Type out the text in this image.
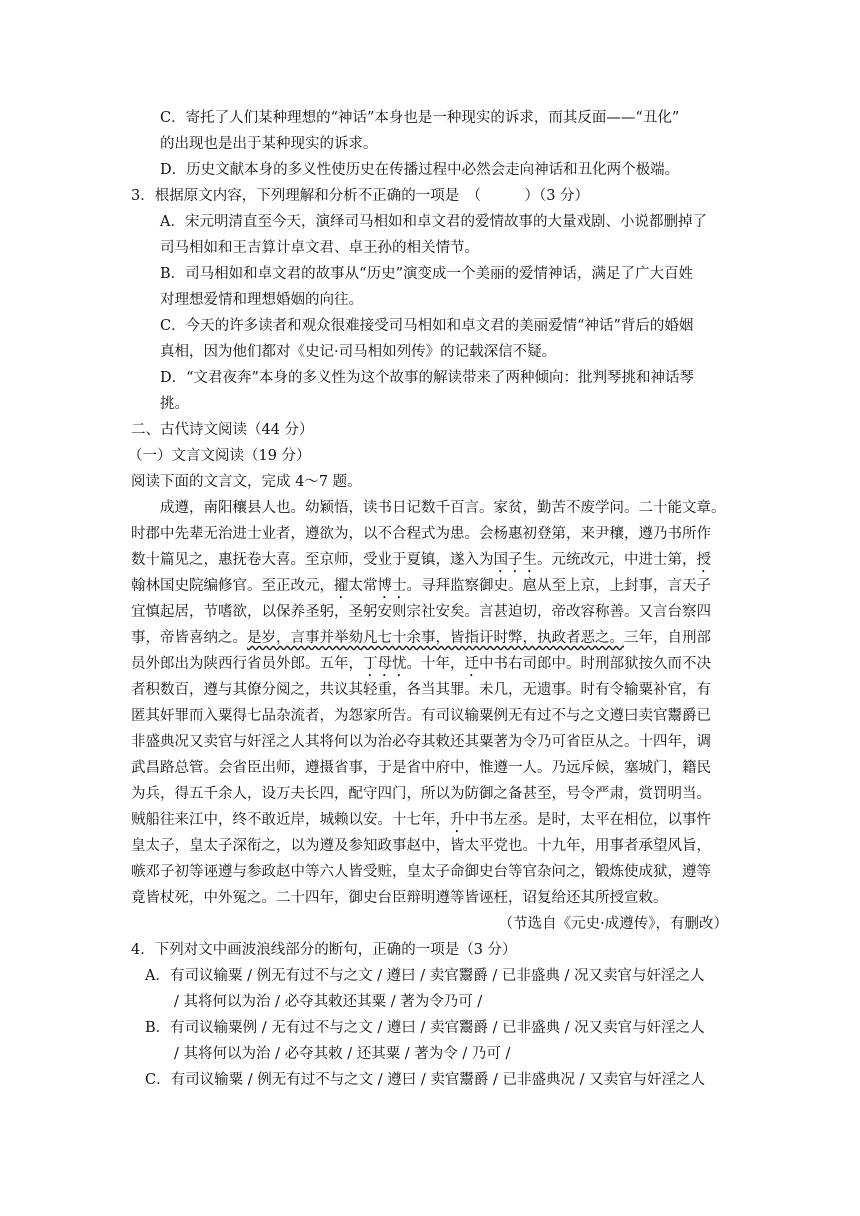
C．寄托了人们某种理想的“神话”本身也是一种现实的诉求，而其反面——“丑化”
的出现也是出于某种现实的诉求。
D．历史文献本身的多义性使历史在传播过程中必然会走向神话和丑化两个极端。
3．根据原文内容，下列理解和分析不正确的一项是　（　　　）（3 分）
A．宋元明清直至今天，演绎司马相如和卓文君的爱情故事的大量戏剧、小说都删掉了
司马相如和王吉算计卓文君、卓王孙的相关情节。
B．司马相如和卓文君的故事从“历史”演变成一个美丽的爱情神话，满足了广大百姓
对理想爱情和理想婚姻的向往。
C．今天的许多读者和观众很难接受司马相如和卓文君的美丽爱情“神话”背后的婚姻
真相，因为他们都对《史记·司马相如列传》的记载深信不疑。
D．“文君夜奔”本身的多义性为这个故事的解读带来了两种倾向：批判琴挑和神话琴
挑。
二、古代诗文阅读（44 分）
（一）文言文阅读（19 分）
阅读下面的文言文，完成 4～7 题。
成遵，南阳穰县人也。幼颖悟，读书日记数千百言。家贫，勤苦不废学问。二十能文章。
时郡中先辈无治进士业者，遵欲为，以不合程式为患。会杨惠初登第，来尹穰，遵乃书所作
数十篇见之，惠抚卷大喜。至京师，受业于夏镇，遂入为国子生。元统改元，中进士第，授
翰林国史院编修官。至正改元，擢太常博士。寻拜监察御史。扈从至上京，上封事，言天子
宜慎起居，节嗜欲，以保养圣躬，圣躬安则宗社安矣。言甚迫切，帝改容称善。又言台察四
事，帝皆喜纳之。是岁，言事并举劾凡七十余事，皆指讦时弊，执政者恶之。三年，自刑部
员外郎出为陕西行省员外郎。五年，丁母忧。十年，迁中书右司郎中。时刑部狱按久而不决
者积数百，遵与其僚分阅之，共议其轻重，各当其罪。未几，无遗事。时有令输粟补官，有
匿其奸罪而入粟得七品杂流者，为怨家所告。有司议输粟例无有过不与之文遵曰卖官鬻爵已
非盛典况又卖官与奸淫之人其将何以为治必夺其敕还其粟著为令乃可省臣从之。十四年，调
武昌路总管。会省臣出师，遵摄省事，于是省中府中，惟遵一人。乃远斥候，塞城门，籍民
为兵，得五千余人，设万夫长四，配守四门，所以为防御之备甚至，号令严肃，赏罚明当。
贼船往来江中，终不敢近岸，城赖以安。十七年，升中书左丞。是时，太平在相位，以事忤
皇太子，皇太子深衔之，以为遵及参知政事赵中，皆太平党也。十九年，用事者承望风旨，
嗾邓子初等诬遵与参政赵中等六人皆受赃，皇太子命御史台等官杂问之，锻炼使成狱，遵等
竟皆杖死，中外冤之。二十四年，御史台臣辩明遵等皆诬枉，诏复给还其所授宣敕。
（节选自《元史·成遵传》，有删改）
4．下列对文中画波浪线部分的断句，正确的一项是（3 分）
A．有司议输粟 / 例无有过不与之文 / 遵曰 / 卖官鬻爵 / 已非盛典 / 况又卖官与奸淫之人
/ 其将何以为治 / 必夺其敕还其粟 / 著为令乃可 /
B．有司议输粟例 / 无有过不与之文 / 遵曰 / 卖官鬻爵 / 已非盛典 / 况又卖官与奸淫之人
/ 其将何以为治 / 必夺其敕 / 还其粟 / 著为令 / 乃可 /
C．有司议输粟 / 例无有过不与之文 / 遵曰 / 卖官鬻爵 / 已非盛典况 / 又卖官与奸淫之人
